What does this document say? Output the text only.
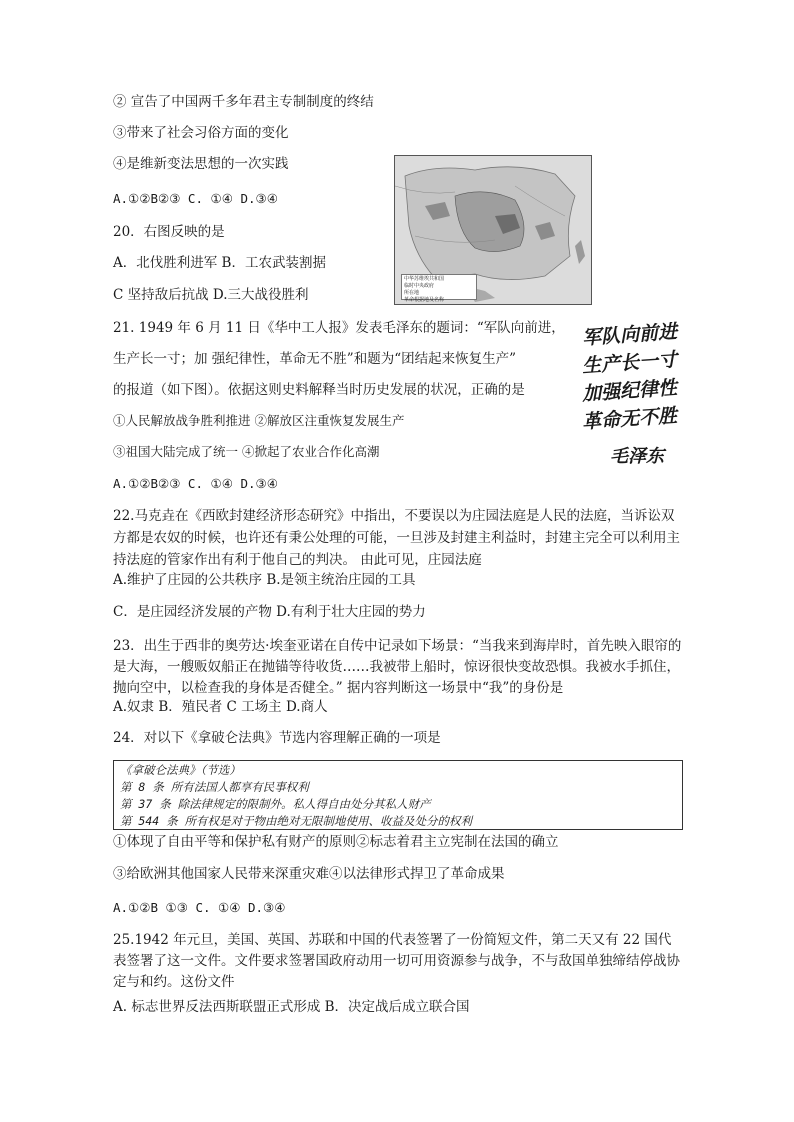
② 宣告了中国两千多年君主专制制度的终结
③带来了社会习俗方面的变化
④是维新变法思想的一次实践
A.①②B②③ C. ①④ D.③④
20．右图反映的是
A．北伐胜利进军 B．工农武装割据
C 坚持敌后抗战 D.三大战役胜利
中华苏维埃共和国
临时中央政府
所在地
革命根据地及名称
21. 1949 年 6 月 11 日《华中工人报》发表毛泽东的题词：“军队向前进，
生产长一寸；加 强纪律性，革命无不胜”和题为“团结起来恢复生产”
的报道（如下图）。依据这则史料解释当时历史发展的状况，正确的是
①人民解放战争胜利推进 ②解放区注重恢复发展生产
③祖国大陆完成了统一 ④掀起了农业合作化高潮
A.①②B②③ C. ①④ D.③④
军队向前进
生产长一寸
加强纪律性
革命无不胜
毛泽东
22.马克垚在《西欧封建经济形态研究》中指出，不要误以为庄园法庭是人民的法庭，当诉讼双方都是农奴的时候，也许还有秉公处理的可能，一旦涉及封建主利益时，封建主完全可以利用主持法庭的管家作出有利于他自己的判决。 由此可见，庄园法庭
A.维护了庄园的公共秩序 B.是领主统治庄园的工具
C．是庄园经济发展的产物 D.有利于壮大庄园的势力
23．出生于西非的奥劳达·埃奎亚诺在自传中记录如下场景：“当我来到海岸时，首先映入眼帘的是大海，一艘贩奴船正在抛锚等待收货……我被带上船时，惊讶很快变故恐惧。我被水手抓住，抛向空中，以检查我的身体是否健全。” 据内容判断这一场景中“我”的身份是
A.奴隶 B．殖民者 C 工场主 D.商人
24．对以下《拿破仑法典》节选内容理解正确的一项是
《拿破仑法典》（节选）
第 8 条 所有法国人都享有民事权利
第 37 条 除法律规定的限制外。私人得自由处分其私人财产
第 544 条 所有权是对于物由绝对无限制地使用、收益及处分的权利
①体现了自由平等和保护私有财产的原则②标志着君主立宪制在法国的确立
③给欧洲其他国家人民带来深重灾难④以法律形式捍卫了革命成果
A.①②B ①③ C. ①④ D.③④
25.1942 年元旦，美国、英国、苏联和中国的代表签署了一份简短文件，第二天又有 22 国代表签署了这一文件。文件要求签署国政府动用一切可用资源参与战争，不与敌国单独缔结停战协定与和约。这份文件
A. 标志世界反法西斯联盟正式形成 B．决定战后成立联合国
